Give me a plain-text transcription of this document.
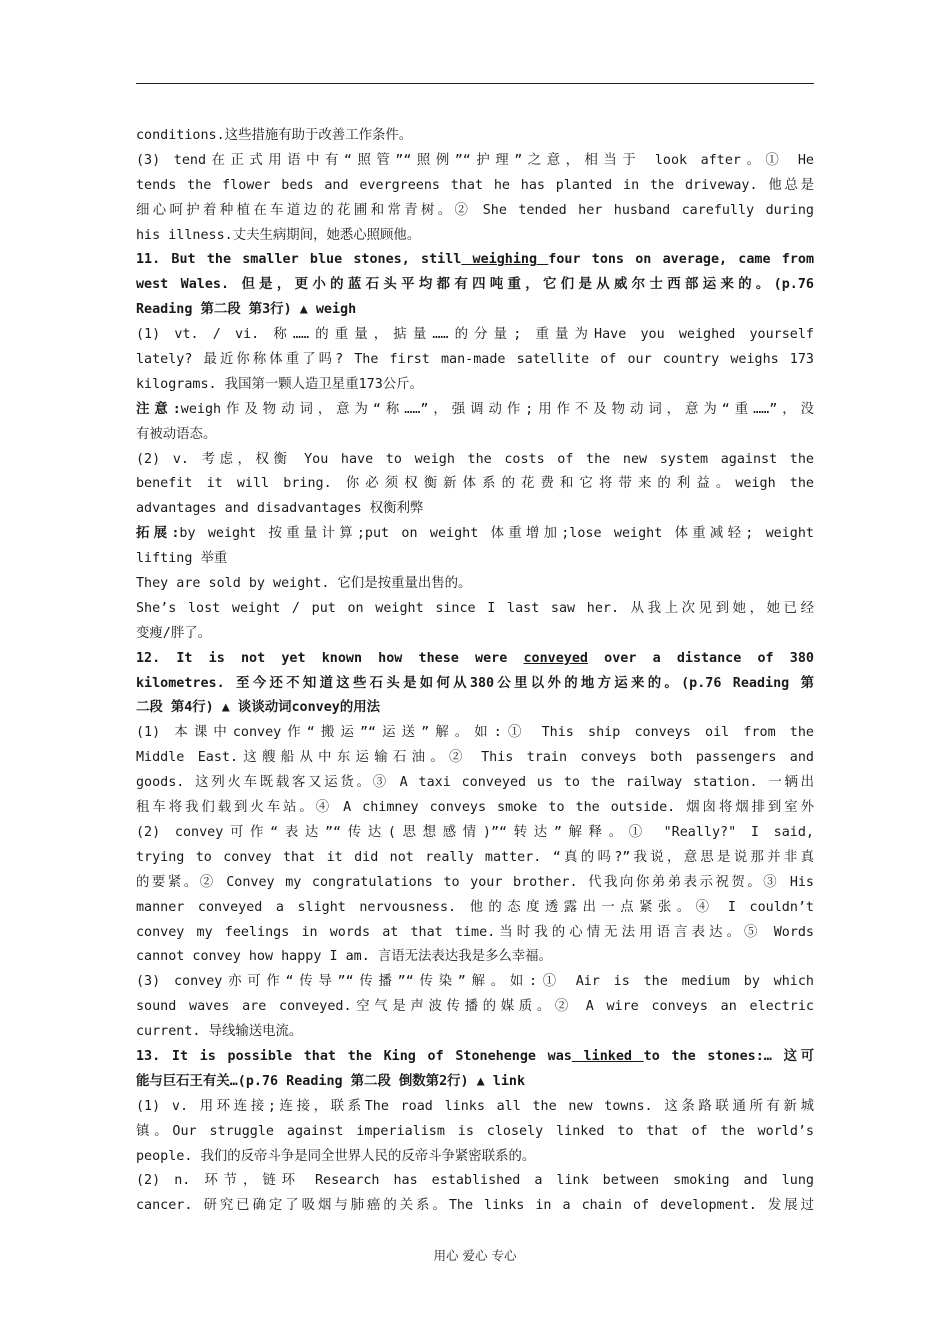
conditions.这些措施有助于改善工作条件。
(3) tend在正式用语中有“照管”“照例”“护理”之意，相当于 look after。① He
tends the flower beds and evergreens that he has planted in the driveway. 他总是
细心呵护着种植在车道边的花圃和常青树。② She tended her husband carefully during
his illness.丈夫生病期间，她悉心照顾他。
11. But the smaller blue stones, still weighing four tons on average, came from
west Wales. 但是，更小的蓝石头平均都有四吨重，它们是从威尔士西部运来的。(p.76
Reading 第二段 第3行) ▲ weigh
(1) vt. / vi. 称……的重量，掂量……的分量; 重量为Have you weighed yourself
lately? 最近你称体重了吗? The first man-made satellite of our country weighs 173
kilograms. 我国第一颗人造卫星重173公斤。
注意:weigh作及物动词，意为“称……”，强调动作;用作不及物动词，意为“重……”，没
有被动语态。
(2) v. 考虑，权衡 You have to weigh the costs of the new system against the
benefit it will bring. 你必须权衡新体系的花费和它将带来的利益。weigh the
advantages and disadvantages 权衡利弊
拓展:by weight 按重量计算;put on weight 体重增加;lose weight 体重减轻; weight
lifting 举重
They are sold by weight. 它们是按重量出售的。
She’s lost weight / put on weight since I last saw her. 从我上次见到她，她已经
变瘦/胖了。
12. It is not yet known how these were conveyed over a distance of 380
kilometres. 至今还不知道这些石头是如何从380公里以外的地方运来的。(p.76 Reading 第
二段 第4行) ▲ 谈谈动词convey的用法
(1) 本课中convey作“搬运”“运送”解。如:① This ship conveys oil from the
Middle East.这艘船从中东运输石油。② This train conveys both passengers and
goods. 这列火车既载客又运货。③ A taxi conveyed us to the railway station. 一辆出
租车将我们载到火车站。④ A chimney conveys smoke to the outside. 烟囱将烟排到室外
(2) convey可作“表达”“传达(思想感情)”“转达”解释。① "Really?" I said,
trying to convey that it did not really matter. “真的吗?”我说，意思是说那并非真
的要紧。② Convey my congratulations to your brother. 代我向你弟弟表示祝贺。③ His
manner conveyed a slight nervousness. 他的态度透露出一点紧张。④ I couldn’t
convey my feelings in words at that time.当时我的心情无法用语言表达。⑤ Words
cannot convey how happy I am. 言语无法表达我是多么幸福。
(3) convey亦可作“传导”“传播”“传染”解。如:① Air is the medium by which
sound waves are conveyed.空气是声波传播的媒质。② A wire conveys an electric
current. 导线输送电流。
13. It is possible that the King of Stonehenge was linked to the stones:… 这可
能与巨石王有关…(p.76 Reading 第二段 倒数第2行) ▲ link
(1) v. 用环连接;连接，联系The road links all the new towns. 这条路联通所有新城
镇。Our struggle against imperialism is closely linked to that of the world’s
people. 我们的反帝斗争是同全世界人民的反帝斗争紧密联系的。
(2) n. 环节，链环 Research has established a link between smoking and lung
cancer. 研究已确定了吸烟与肺癌的关系。The links in a chain of development. 发展过
用心 爱心 专心
